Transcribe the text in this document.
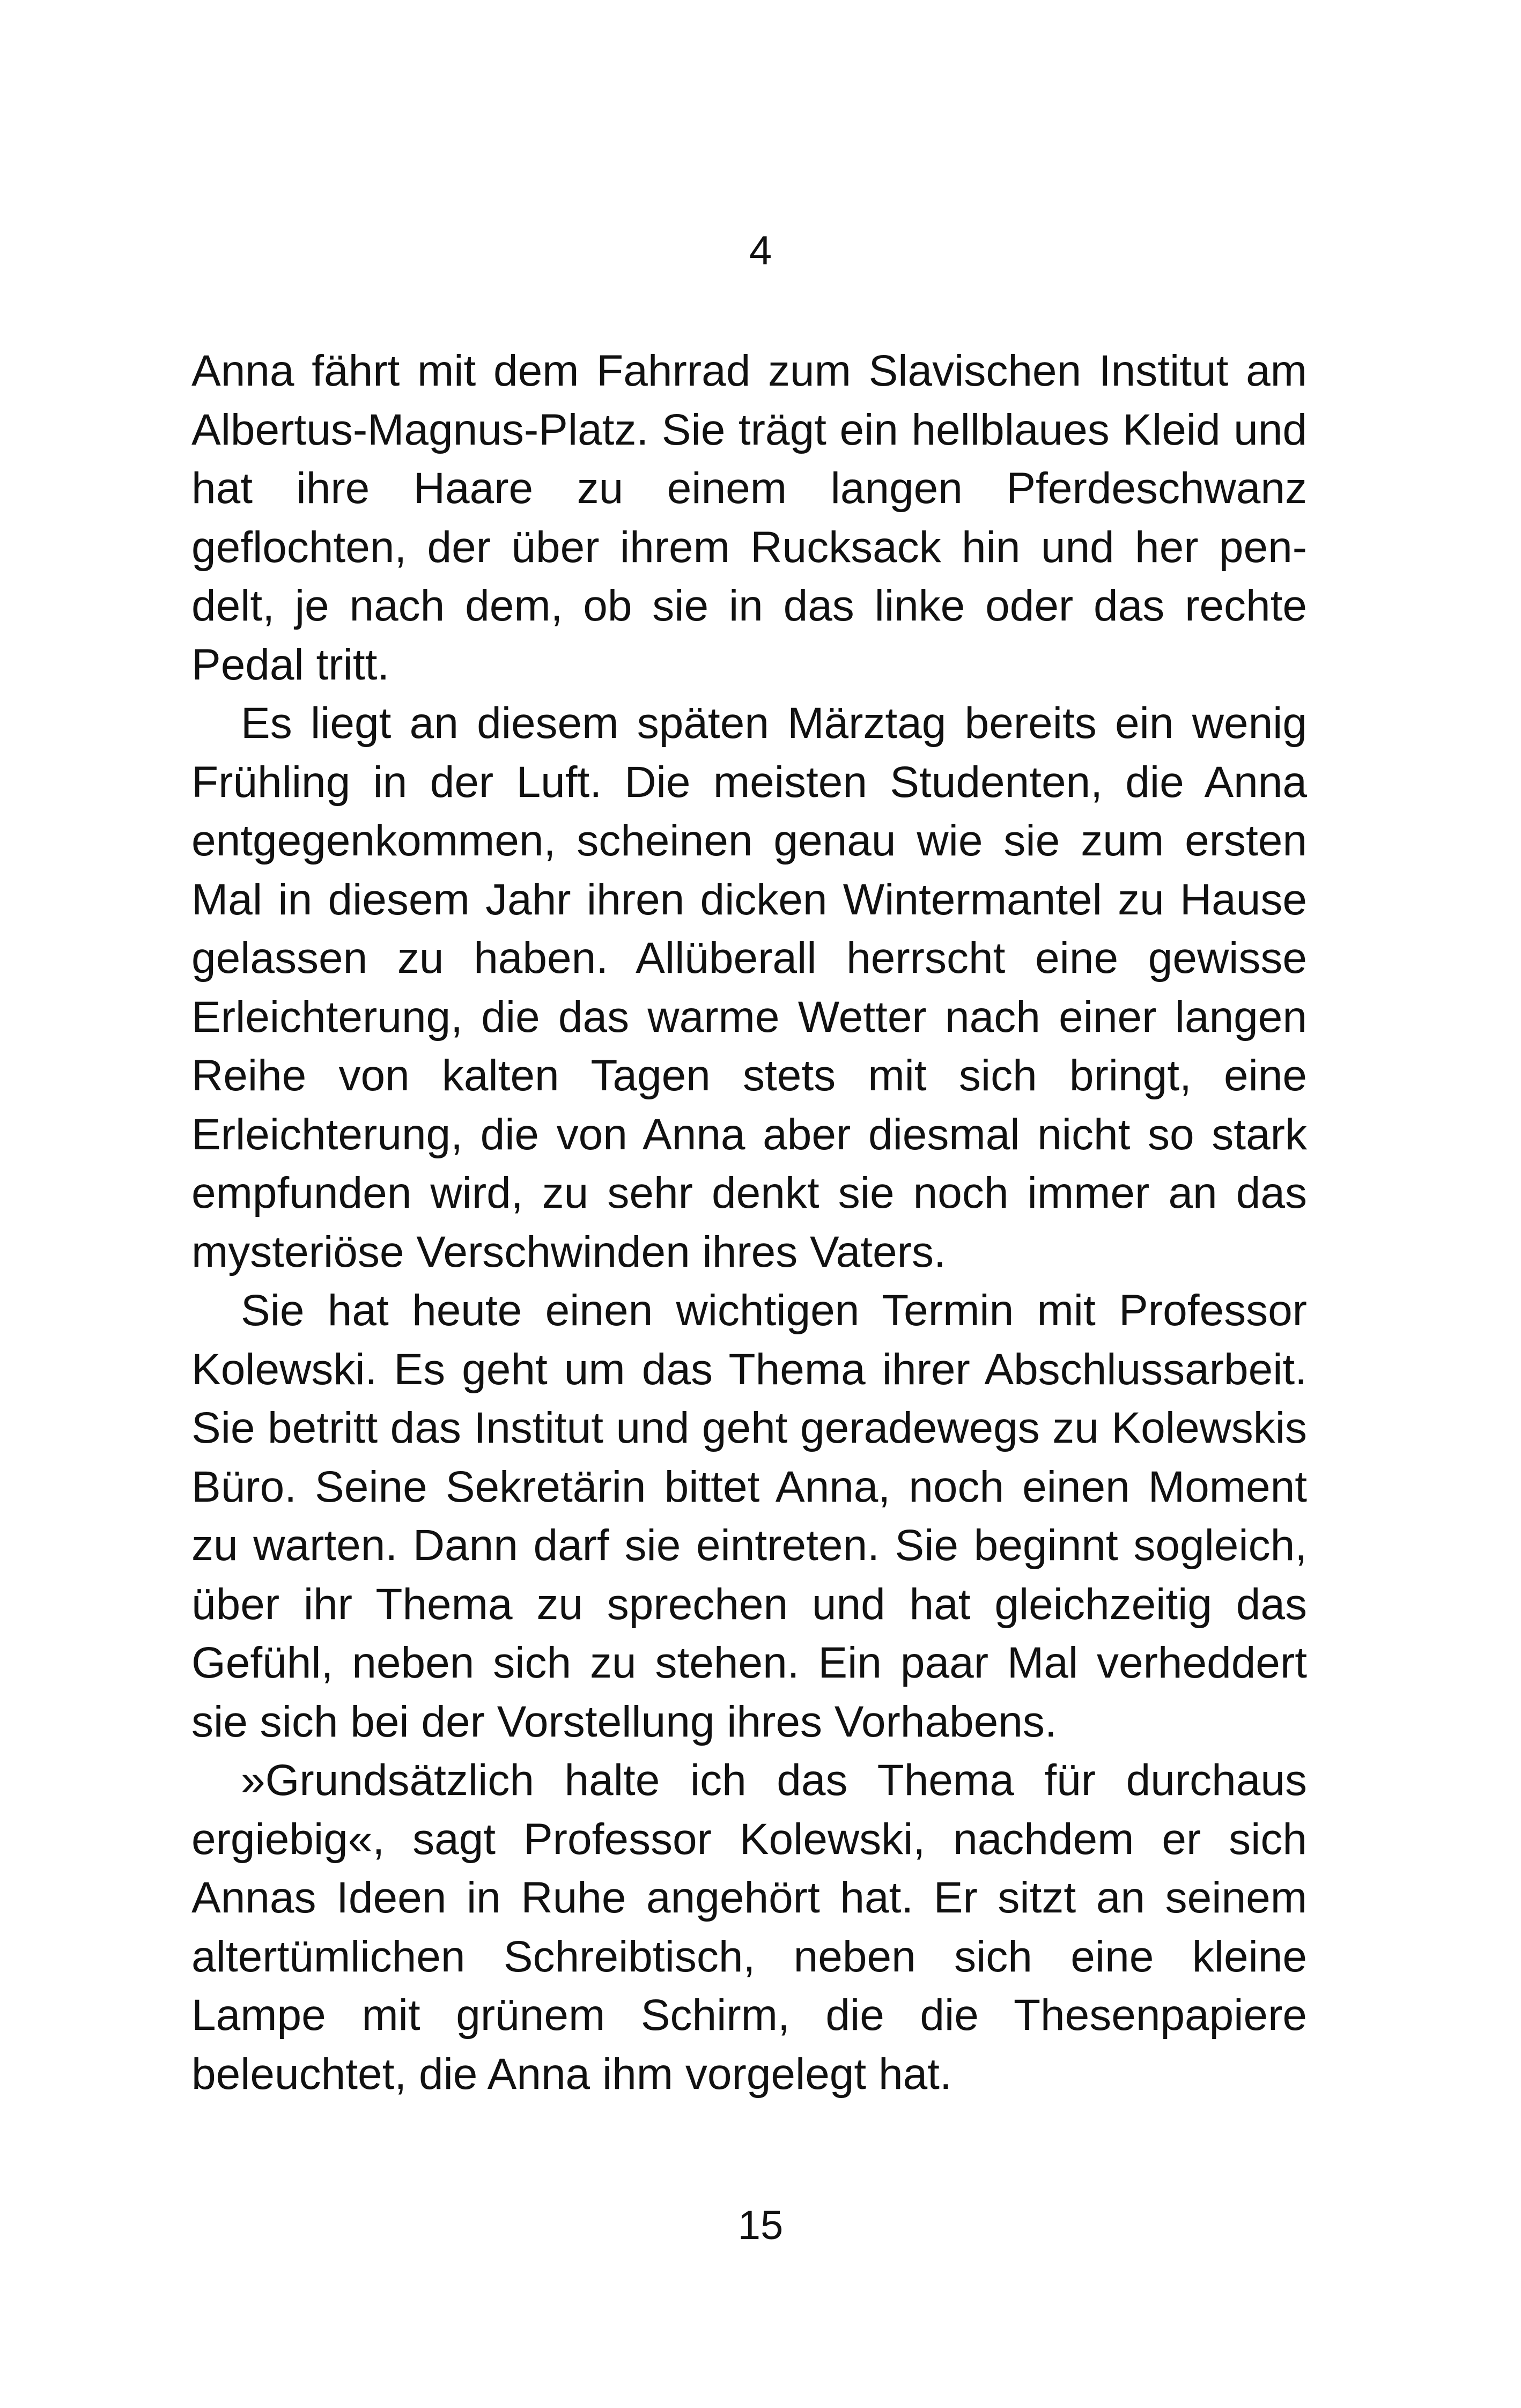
4

Anna fährt mit dem Fahrrad zum Slavischen Institut am Albertus-Magnus-Platz. Sie trägt ein hellblaues Kleid und hat ihre Haare zu einem langen Pferdeschwanz geflochten, der über ihrem Rucksack hin und her pendelt, je nach dem, ob sie in das linke oder das rechte Pedal tritt.

Es liegt an diesem späten Märztag bereits ein wenig Frühling in der Luft. Die meisten Studenten, die Anna entgegenkommen, scheinen genau wie sie zum ersten Mal in diesem Jahr ihren dicken Wintermantel zu Hause gelassen zu haben. Allüberall herrscht eine gewisse Erleichterung, die das warme Wetter nach einer langen Reihe von kalten Tagen stets mit sich bringt, eine Erleichterung, die von Anna aber diesmal nicht so stark empfunden wird, zu sehr denkt sie noch immer an das mysteriöse Verschwinden ihres Vaters.

Sie hat heute einen wichtigen Termin mit Professor Kolewski. Es geht um das Thema ihrer Abschlussarbeit. Sie betritt das Institut und geht geradewegs zu Kolewskis Büro. Seine Sekretärin bittet Anna, noch einen Moment zu warten. Dann darf sie eintreten. Sie beginnt sogleich, über ihr Thema zu sprechen und hat gleichzeitig das Gefühl, neben sich zu stehen. Ein paar Mal verheddert sie sich bei der Vorstellung ihres Vorhabens.

»Grundsätzlich halte ich das Thema für durchaus ergiebig«, sagt Professor Kolewski, nachdem er sich Annas Ideen in Ruhe angehört hat. Er sitzt an seinem altertümlichen Schreibtisch, neben sich eine kleine Lampe mit grünem Schirm, die die Thesenpapiere beleuchtet, die Anna ihm vorgelegt hat.

15
